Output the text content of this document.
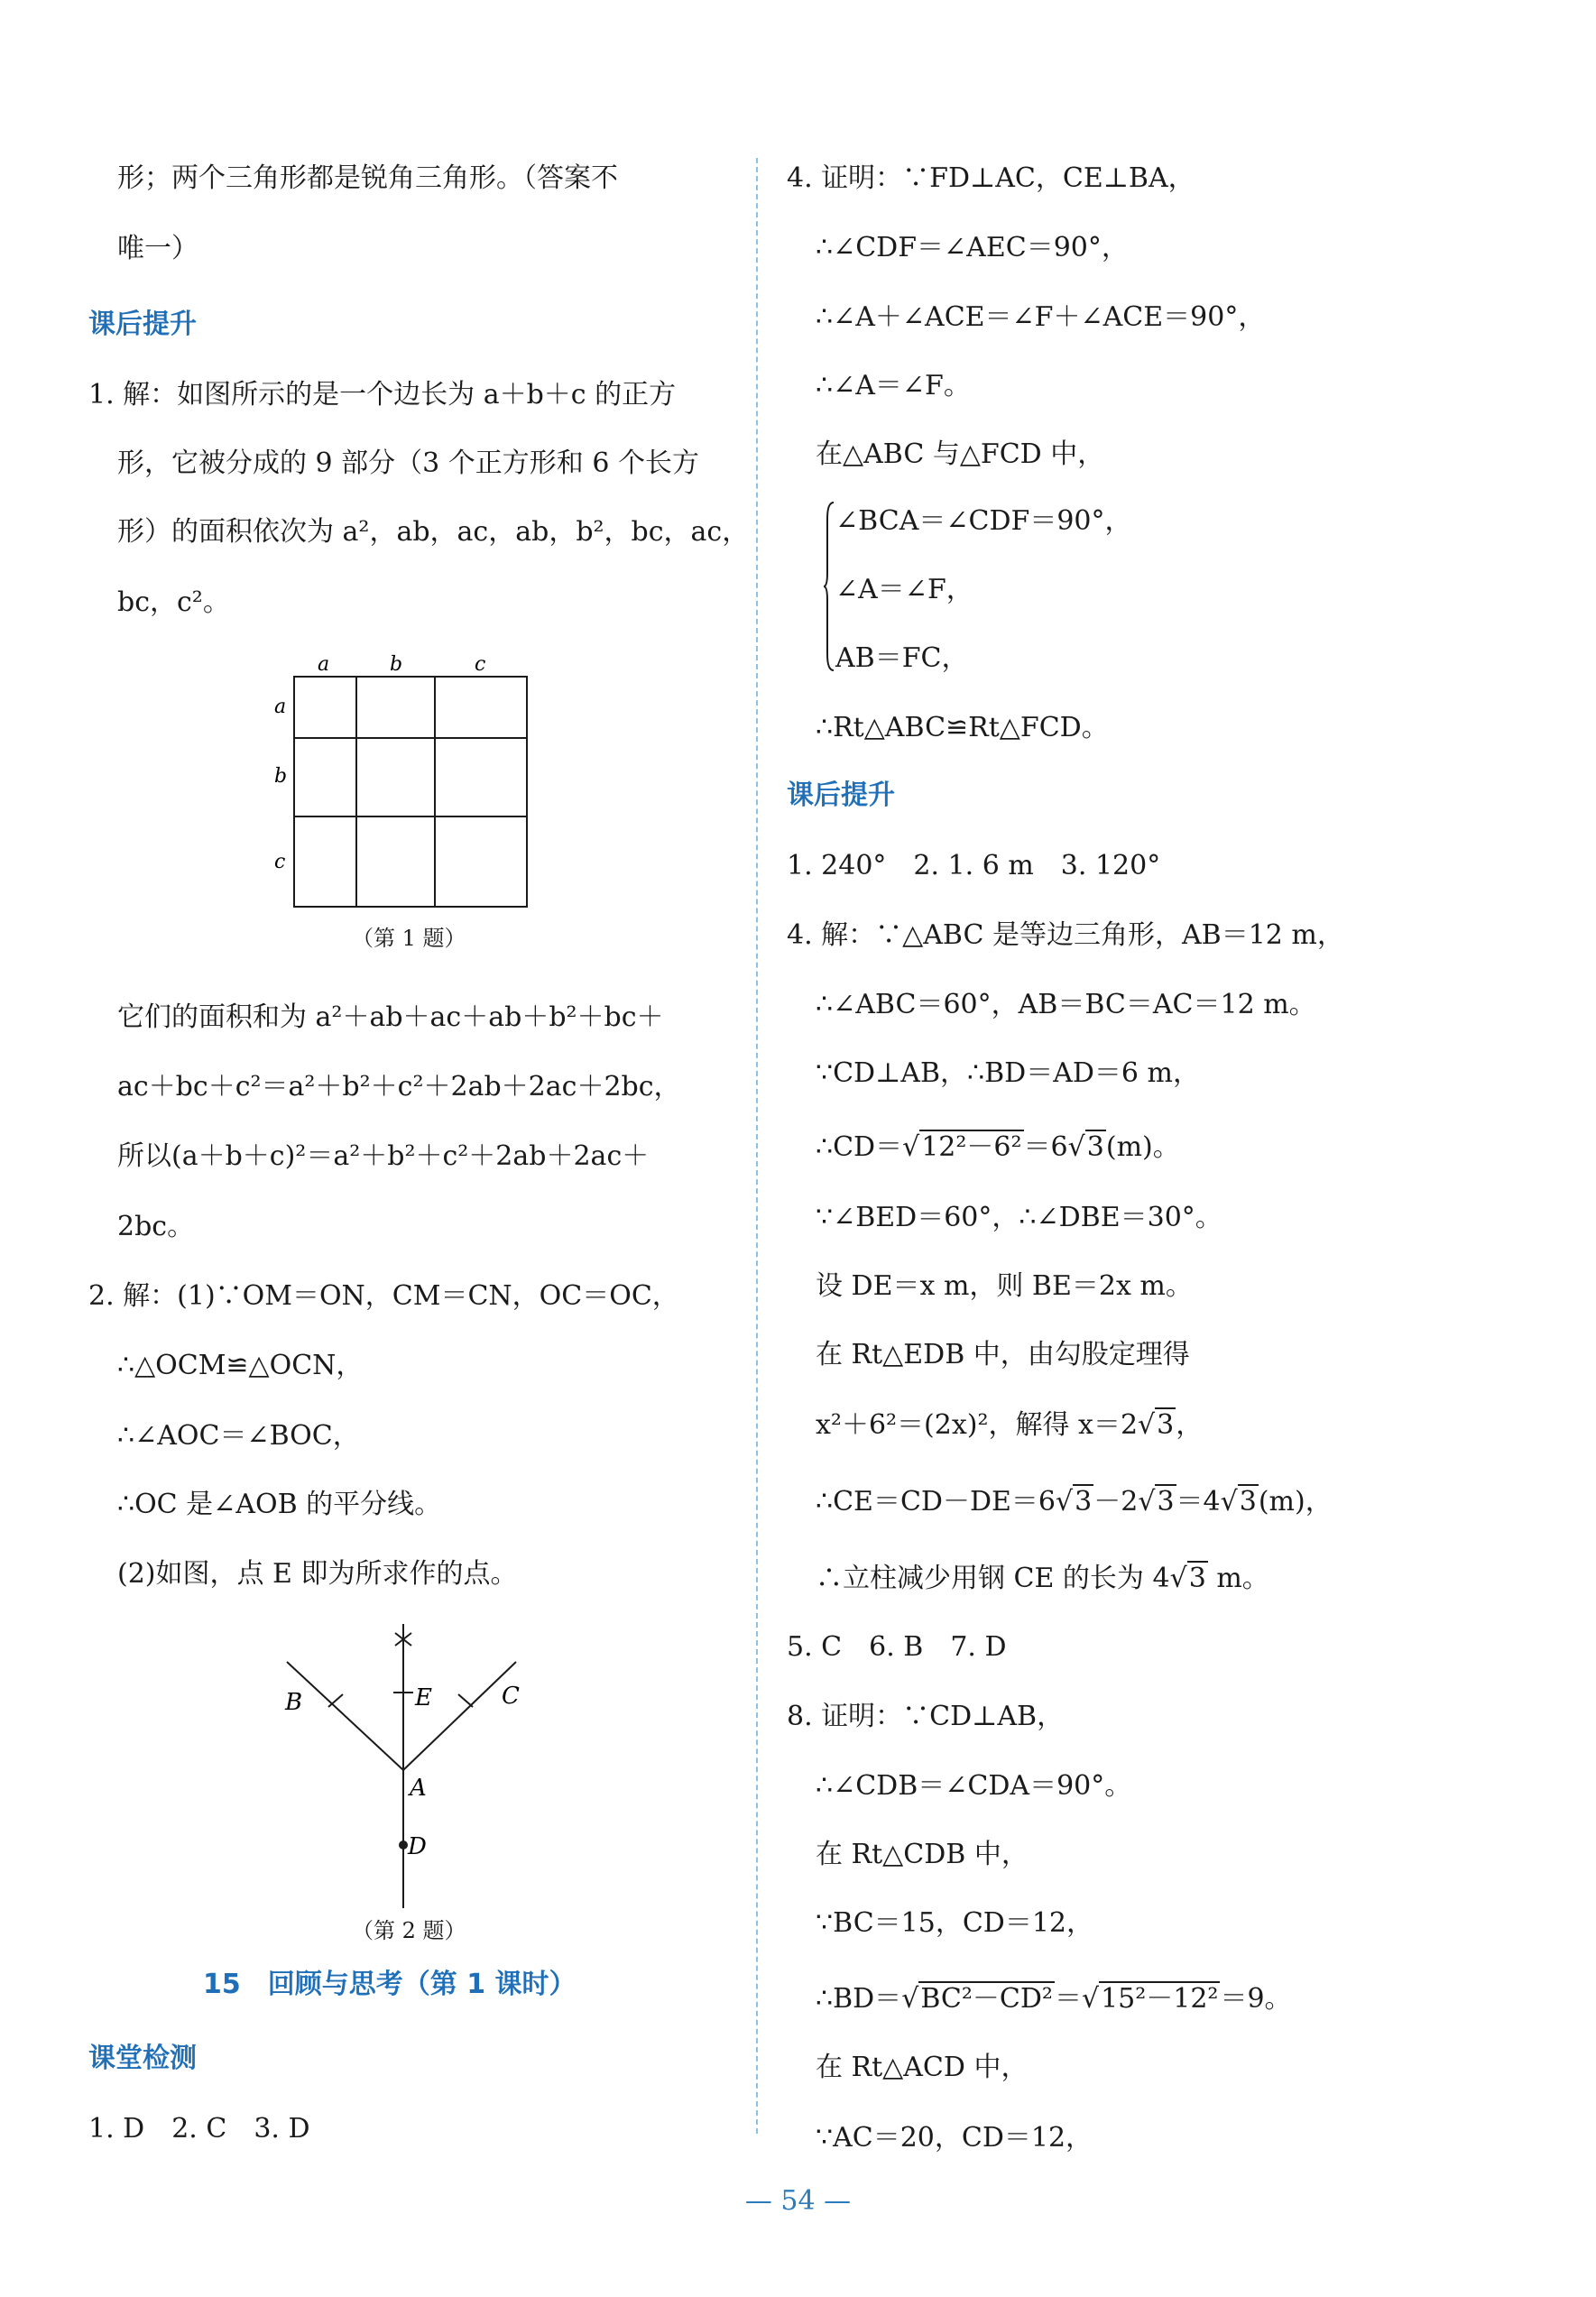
形；两个三角形都是锐角三角形。（答案不
唯一）
课后提升
1. 解：如图所示的是一个边长为 a＋b＋c 的正方
形，它被分成的 9 部分（3 个正方形和 6 个长方
形）的面积依次为 a²，ab，ac，ab，b²，bc，ac，
bc，c²。
a	b	c
a
b
c
（第 1 题）
它们的面积和为 a²＋ab＋ac＋ab＋b²＋bc＋
ac＋bc＋c²＝a²＋b²＋c²＋2ab＋2ac＋2bc，
所以(a＋b＋c)²＝a²＋b²＋c²＋2ab＋2ac＋
2bc。
2. 解：(1)∵OM＝ON，CM＝CN，OC＝OC，
∴△OCM≌△OCN，
∴∠AOC＝∠BOC，
∴OC 是∠AOB 的平分线。
(2)如图，点 E 即为所求作的点。
B	E	C
A
D
（第 2 题）
15　回顾与思考（第 1 课时）
课堂检测
1. D　2. C　3. D
4. 证明：∵FD⊥AC，CE⊥BA，
∴∠CDF＝∠AEC＝90°，
∴∠A＋∠ACE＝∠F＋∠ACE＝90°，
∴∠A＝∠F。
在△ABC 与△FCD 中，
∠BCA＝∠CDF＝90°，
∠A＝∠F，
AB＝FC，
∴Rt△ABC≌Rt△FCD。
课后提升
1. 240°　2. 1. 6 m　3. 120°
4. 解：∵△ABC 是等边三角形，AB＝12 m，
∴∠ABC＝60°，AB＝BC＝AC＝12 m。
∵CD⊥AB，∴BD＝AD＝6 m，
∴CD＝√12²－6²＝6√3(m)。
∵∠BED＝60°，∴∠DBE＝30°。
设 DE＝x m，则 BE＝2x m。
在 Rt△EDB 中，由勾股定理得
x²＋6²＝(2x)²，解得 x＝2√3，
∴CE＝CD－DE＝6√3－2√3＝4√3(m)，
∴立柱减少用钢 CE 的长为 4√3 m。
5. C　6. B　7. D
8. 证明：∵CD⊥AB，
∴∠CDB＝∠CDA＝90°。
在 Rt△CDB 中，
∵BC＝15，CD＝12，
∴BD＝√BC²－CD²＝√15²－12²＝9。
在 Rt△ACD 中，
∵AC＝20，CD＝12，
— 54 —
